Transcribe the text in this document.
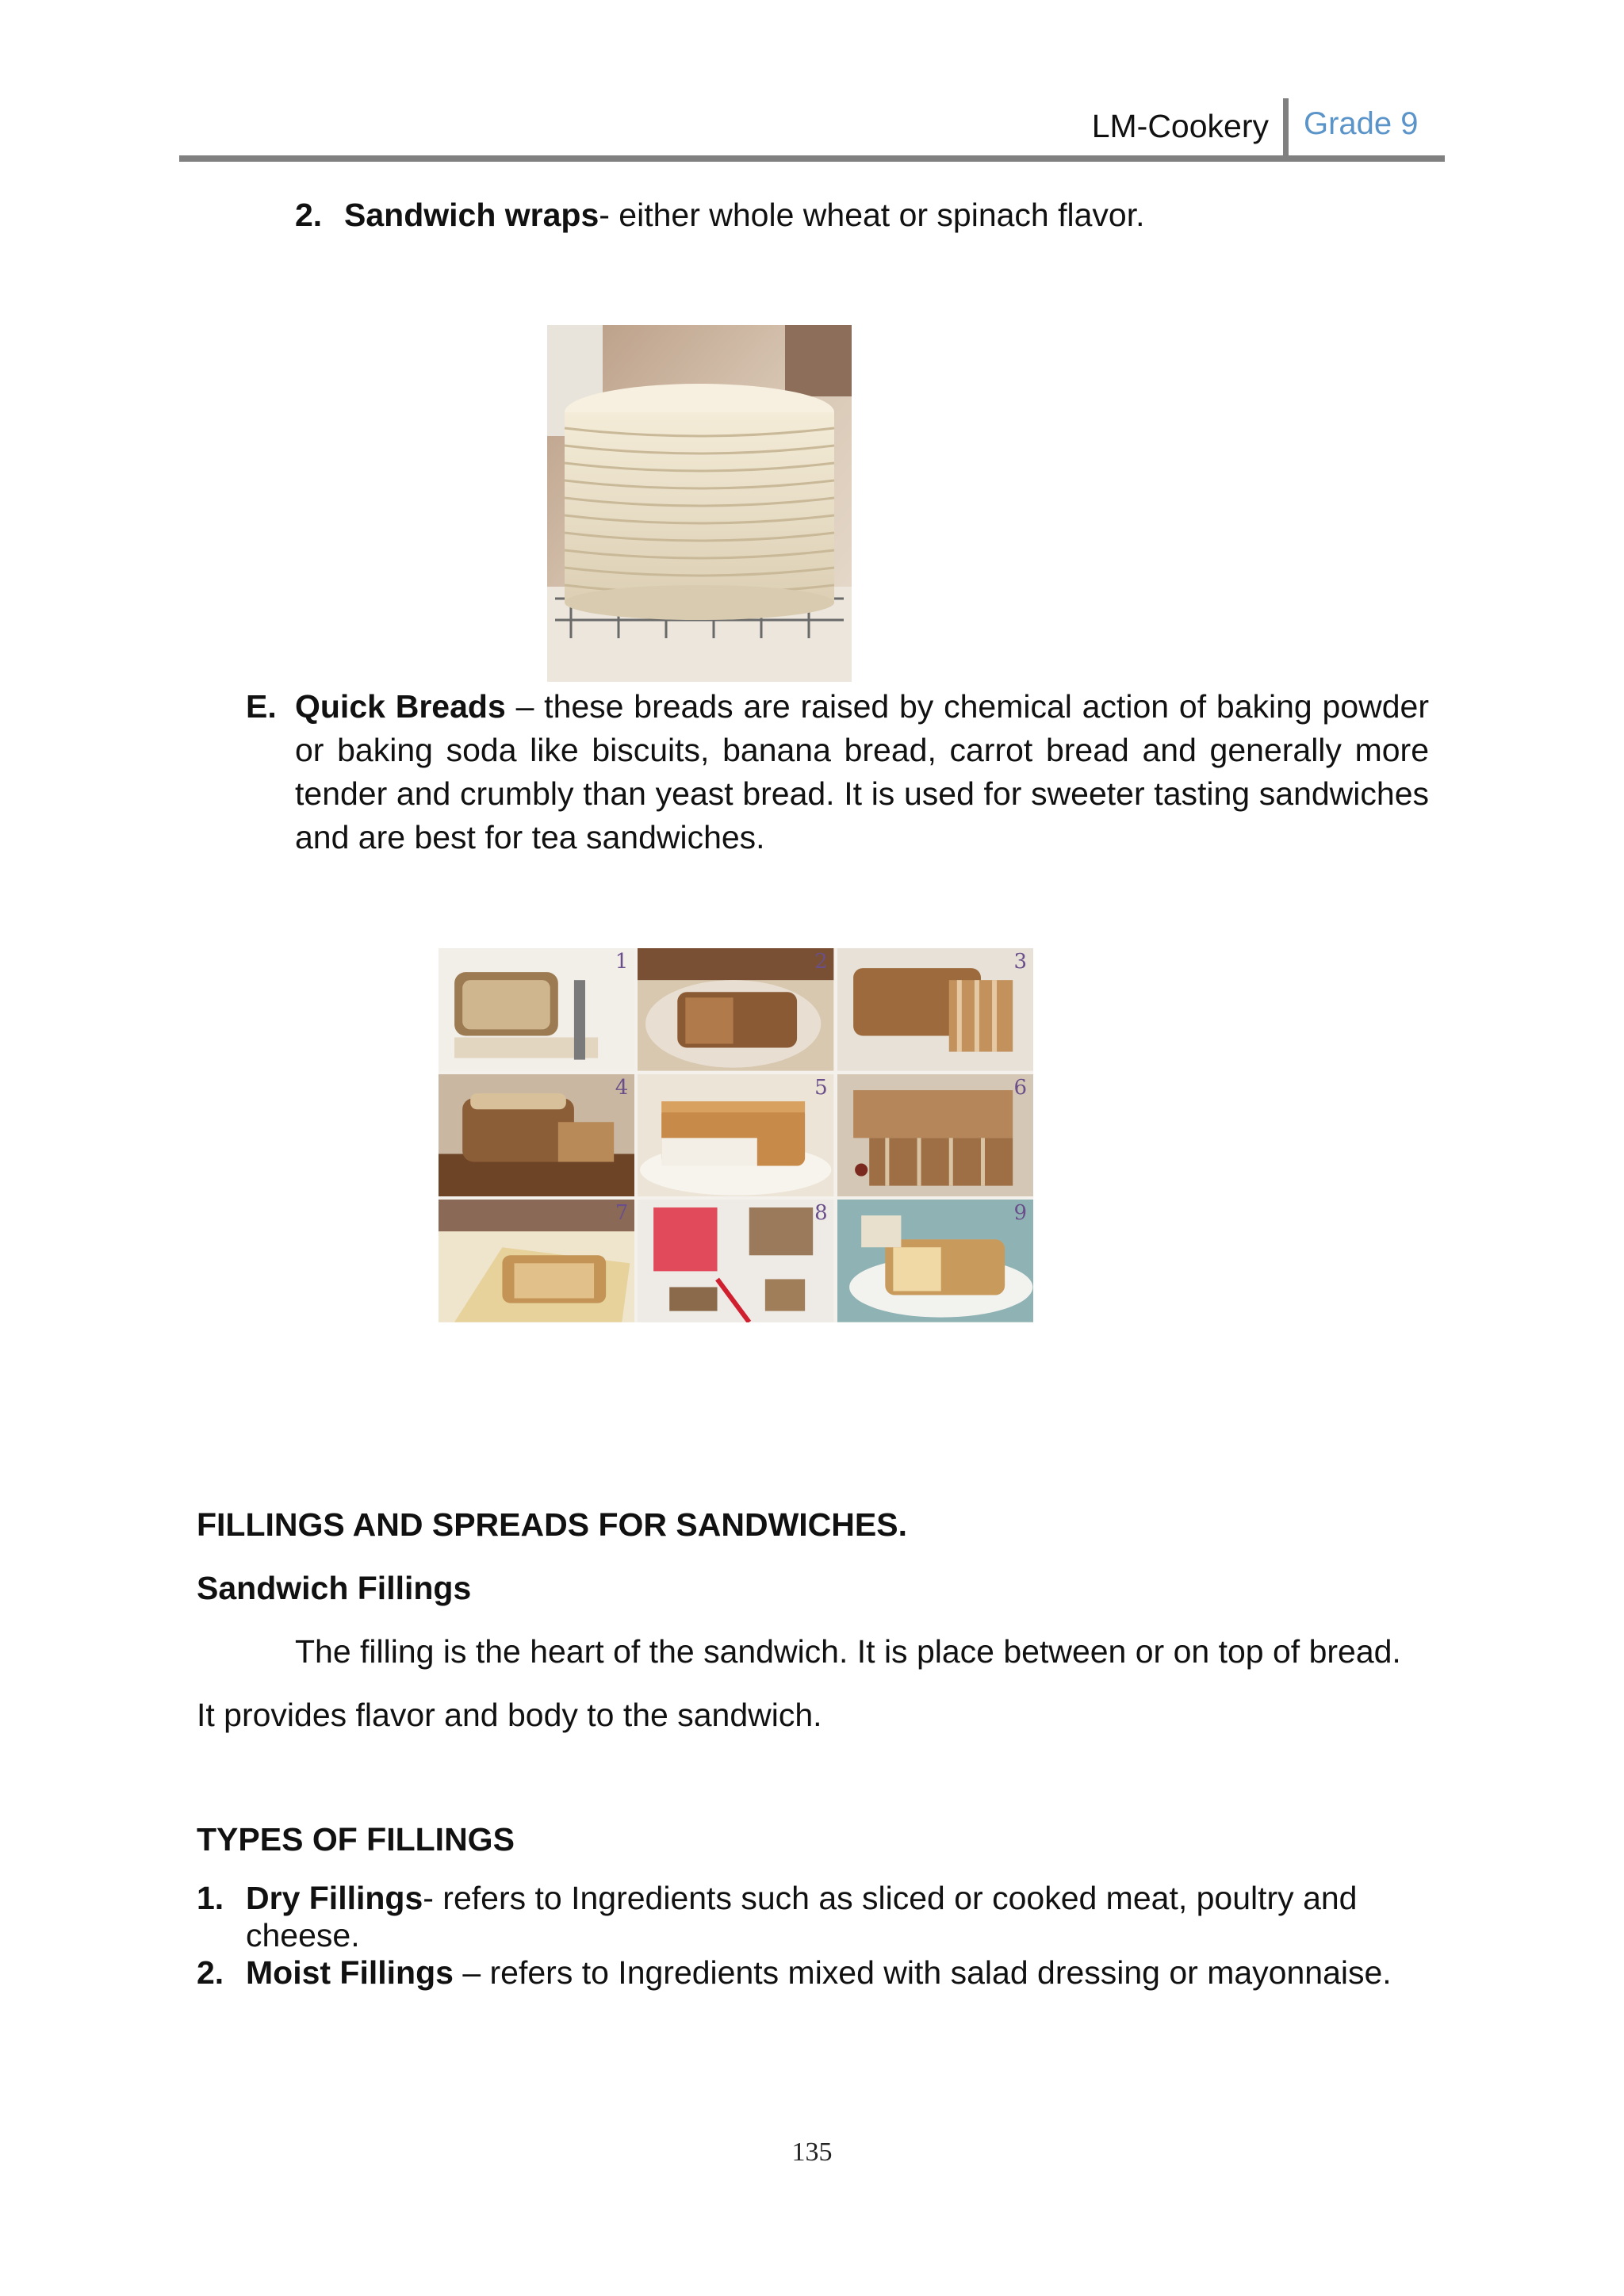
LM-Cookery Grade 9
2. Sandwich wraps- either whole wheat or spinach flavor.
E. Quick Breads – these breads are raised by chemical action of baking powder or baking soda like biscuits, banana bread, carrot bread and generally more tender and crumbly than yeast bread. It is used for sweeter tasting sandwiches and are best for tea sandwiches.
1	2	3
4	5	6
7	8	9
FILLINGS AND SPREADS FOR SANDWICHES.
Sandwich Fillings
The filling is the heart of the sandwich. It is place between or on top of bread.
It provides flavor and body to the sandwich.
TYPES OF FILLINGS
1. Dry Fillings- refers to Ingredients such as sliced or cooked meat, poultry and cheese.
2. Moist Fillings – refers to Ingredients mixed with salad dressing or mayonnaise.
135
